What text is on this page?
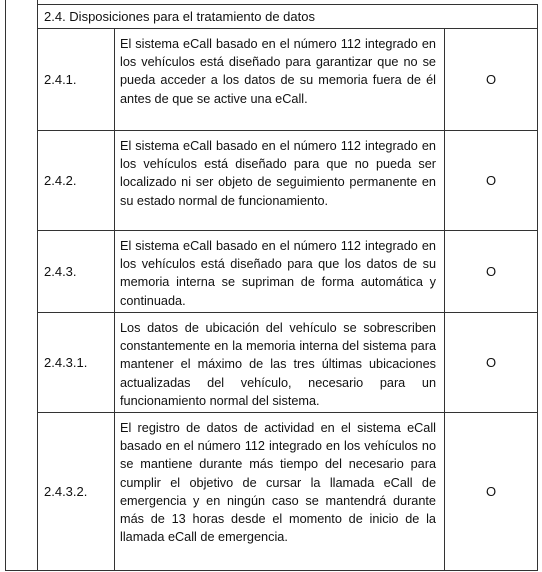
2.4. Disposiciones para el tratamiento de datos
2.4.1.
El sistema eCall basado en el número 112 integrado en los vehículos está diseñado para garantizar que no se pueda acceder a los datos de su memoria fuera de él antes de que se active una eCall.
O
2.4.2.
El sistema eCall basado en el número 112 integrado en los vehículos está diseñado para que no pueda ser localizado ni ser objeto de seguimiento permanente en su estado normal de funcionamiento.
O
2.4.3.
El sistema eCall basado en el número 112 integrado en los vehículos está diseñado para que los datos de su memoria interna se supriman de forma automática y continuada.
O
2.4.3.1.
Los datos de ubicación del vehículo se sobrescriben constantemente en la memoria interna del sistema para mantener el máximo de las tres últimas ubicaciones actualizadas del vehículo, necesario para un funcionamiento normal del sistema.
O
2.4.3.2.
El registro de datos de actividad en el sistema eCall basado en el número 112 integrado en los vehículos no se mantiene durante más tiempo del necesario para cumplir el objetivo de cursar la llamada eCall de emergencia y en ningún caso se mantendrá durante más de 13 horas desde el momento de inicio de la llamada eCall de emergencia.
O
